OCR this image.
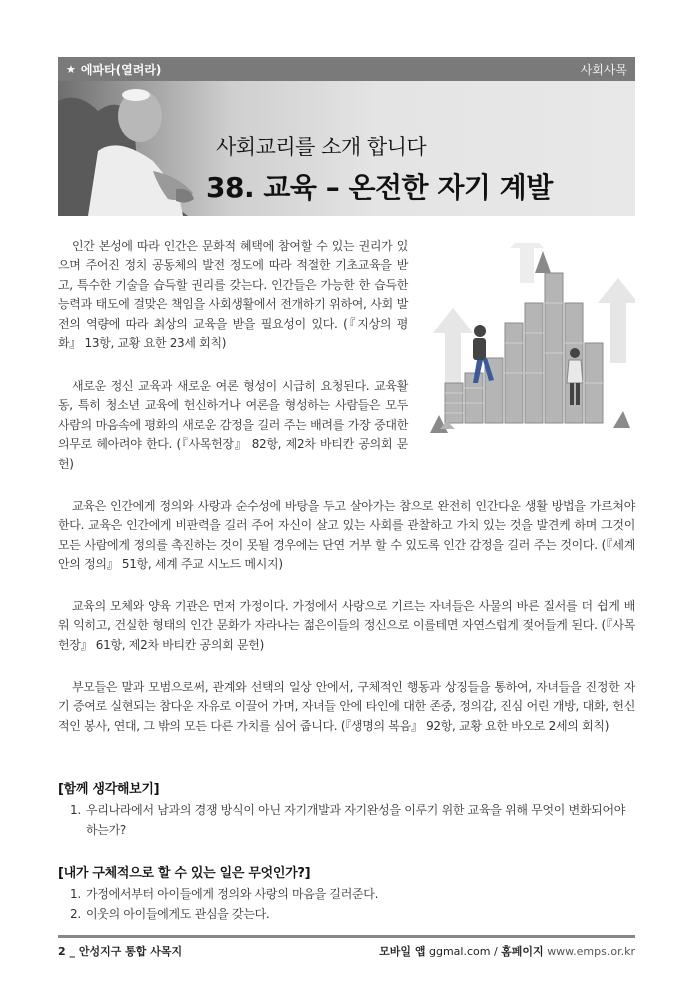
★ 에파타(열려라)	사회사목
사회교리를 소개 합니다
38. 교육 – 온전한 자기 계발

인간 본성에 따라 인간은 문화적 혜택에 참여할 수 있는 권리가 있으며 주어진 정치 공동체의 발전 정도에 따라 적절한 기초교육을 받고, 특수한 기술을 습득할 권리를 갖는다. 인간들은 가능한 한 습득한 능력과 태도에 걸맞은 책임을 사회생활에서 전개하기 위하여, 사회 발전의 역량에 따라 최상의 교육을 받을 필요성이 있다. (『지상의 평화』 13항, 교황 요한 23세 회칙)

새로운 정신 교육과 새로운 여론 형성이 시급히 요청된다. 교육활동, 특히 청소년 교육에 헌신하거나 여론을 형성하는 사람들은 모두 사람의 마음속에 평화의 새로운 감정을 길러 주는 배려를 가장 중대한 의무로 헤아려야 한다. (『사목헌장』 82항, 제2차 바티칸 공의회 문헌)

교육은 인간에게 정의와 사랑과 순수성에 바탕을 두고 살아가는 참으로 완전히 인간다운 생활 방법을 가르쳐야 한다. 교육은 인간에게 비판력을 길러 주어 자신이 살고 있는 사회를 관찰하고 가치 있는 것을 발견케 하며 그것이 모든 사람에게 정의를 촉진하는 것이 못될 경우에는 단연 거부 할 수 있도록 인간 감정을 길러 주는 것이다. (『세계 안의 정의』 51항, 세계 주교 시노드 메시지)

교육의 모체와 양육 기관은 먼저 가정이다. 가정에서 사랑으로 기르는 자녀들은 사물의 바른 질서를 더 쉽게 배워 익히고, 건실한 형태의 인간 문화가 자라나는 젊은이들의 정신으로 이를테면 자연스럽게 젖어들게 된다. (『사목헌장』 61항, 제2차 바티칸 공의회 문헌)

부모들은 말과 모범으로써, 관계와 선택의 일상 안에서, 구체적인 행동과 상징들을 통하여, 자녀들을 진정한 자기 증여로 실현되는 참다운 자유로 이끌어 가며, 자녀들 안에 타인에 대한 존중, 정의감, 진심 어린 개방, 대화, 헌신적인 봉사, 연대, 그 밖의 모든 다른 가치를 심어 줍니다. (『생명의 복음』 92항, 교황 요한 바오로 2세의 회칙)

[함께 생각해보기]
1. 우리나라에서 남과의 경쟁 방식이 아닌 자기개발과 자기완성을 이루기 위한 교육을 위해 무엇이 변화되어야 하는가?
[내가 구체적으로 할 수 있는 일은 무엇인가?]
1. 가정에서부터 아이들에게 정의와 사랑의 마음을 길러준다.
2. 이웃의 아이들에게도 관심을 갖는다.
2 _ 안성지구 통합 사목지	모바일 앱 ggmal.com / 홈페이지 www.emps.or.kr
